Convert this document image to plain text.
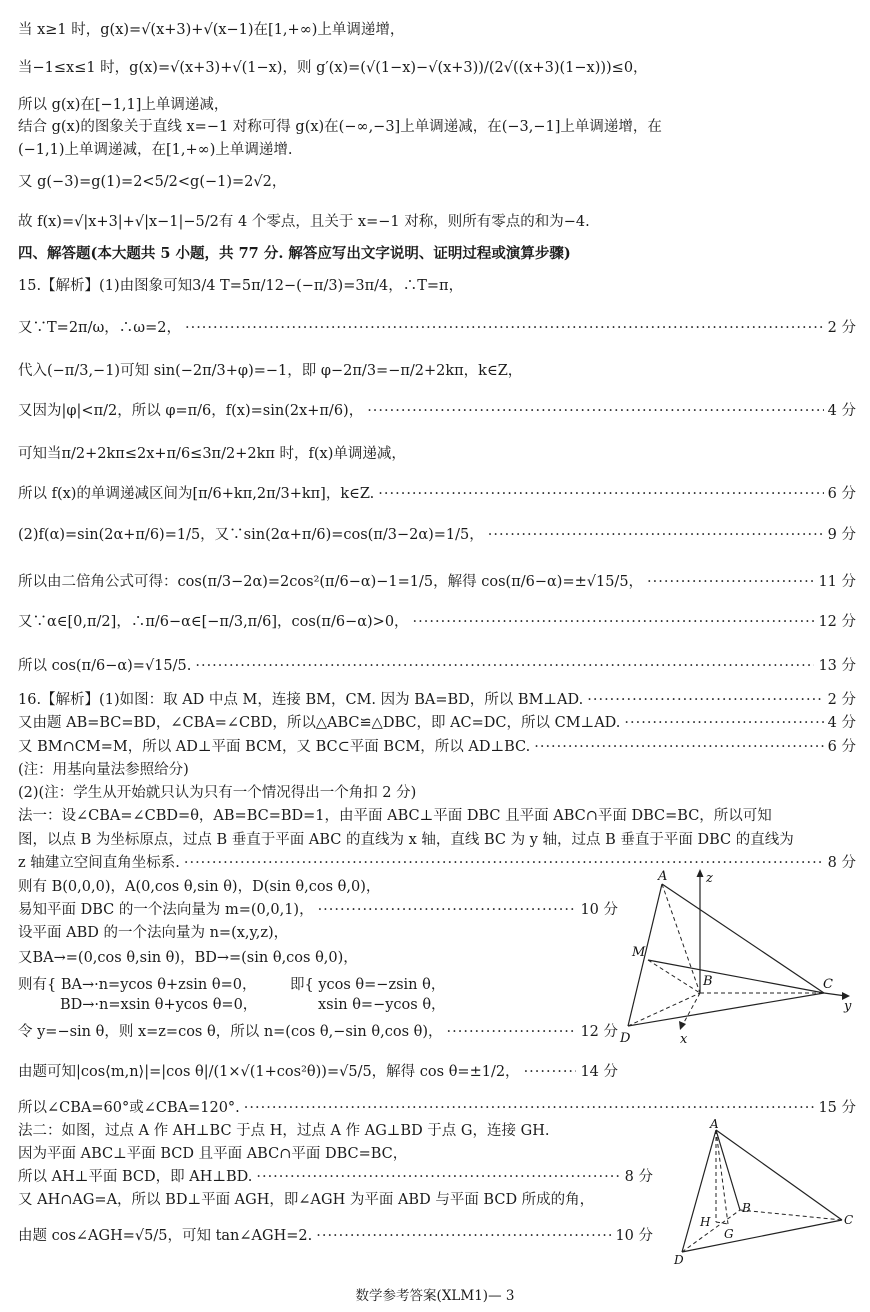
当 x≥1 时，g(x)=√(x+3)+√(x−1)在[1,+∞)上单调递增，
当−1≤x≤1 时，g(x)=√(x+3)+√(1−x)，则 g′(x)=(√(1−x)−√(x+3))/(2√((x+3)(1−x)))≤0，
所以 g(x)在[−1,1]上单调递减，
结合 g(x)的图象关于直线 x=−1 对称可得 g(x)在(−∞,−3]上单调递减，在(−3,−1]上单调递增，在
(−1,1)上单调递减，在[1,+∞)上单调递增.
又 g(−3)=g(1)=2<5/2<g(−1)=2√2，
故 f(x)=√|x+3|+√|x−1|−5/2有 4 个零点，且关于 x=−1 对称，则所有零点的和为−4.
四、解答题(本大题共 5 小题，共 77 分. 解答应写出文字说明、证明过程或演算步骤)
15.【解析】(1)由图象可知3/4 T=5π/12−(−π/3)=3π/4，∴T=π，
又∵T=2π/ω，∴ω=2， ·····	2 分
代入(−π/3,−1)可知 sin(−2π/3+φ)=−1，即 φ−2π/3=−π/2+2kπ，k∈Z，
又因为|φ|<π/2，所以 φ=π/6，f(x)=sin(2x+π/6)， ·····	4 分
可知当π/2+2kπ≤2x+π/6≤3π/2+2kπ 时，f(x)单调递减，
所以 f(x)的单调递减区间为[π/6+kπ,2π/3+kπ]，k∈Z. ·····	6 分
(2)f(α)=sin(2α+π/6)=1/5，又∵sin(2α+π/6)=cos(π/3−2α)=1/5， ·····	9 分
所以由二倍角公式可得：cos(π/3−2α)=2cos²(π/6−α)−1=1/5，解得 cos(π/6−α)=±√15/5， ·····	11 分
又∵α∈[0,π/2]，∴π/6−α∈[−π/3,π/6]，cos(π/6−α)>0， ·····	12 分
所以 cos(π/6−α)=√15/5. ·····	13 分
16.【解析】(1)如图：取 AD 中点 M，连接 BM，CM. 因为 BA=BD，所以 BM⊥AD. ·····	2 分
又由题 AB=BC=BD，∠CBA=∠CBD，所以△ABC≌△DBC，即 AC=DC，所以 CM⊥AD. ·····	4 分
又 BM∩CM=M，所以 AD⊥平面 BCM，又 BC⊂平面 BCM，所以 AD⊥BC. ·····	6 分
(注：用基向量法参照给分)
(2)(注：学生从开始就只认为只有一个情况得出一个角扣 2 分)
法一：设∠CBA=∠CBD=θ，AB=BC=BD=1，由平面 ABC⊥平面 DBC 且平面 ABC∩平面 DBC=BC，所以可知
图，以点 B 为坐标原点，过点 B 垂直于平面 ABC 的直线为 x 轴，直线 BC 为 y 轴，过点 B 垂直于平面 DBC 的直线为
z 轴建立空间直角坐标系. ·····	8 分
则有 B(0,0,0)，A(0,cos θ,sin θ)，D(sin θ,cos θ,0)，
易知平面 DBC 的一个法向量为 m=(0,0,1)， ·····	10 分
设平面 ABD 的一个法向量为 n=(x,y,z)，
又BA→=(0,cos θ,sin θ)，BD→=(sin θ,cos θ,0)，
则有{ BA→·n=ycos θ+zsin θ=0，
BD→·n=xsin θ+ycos θ=0，
即{ ycos θ=−zsin θ，
xsin θ=−ycos θ，
令 y=−sin θ，则 x=z=cos θ，所以 n=(cos θ,−sin θ,cos θ)， ·····	12 分
由题可知|cos⟨m,n⟩|=|cos θ|/(1×√(1+cos²θ))=√5/5，解得 cos θ=±1/2， ·····	14 分
所以∠CBA=60°或∠CBA=120°. ·····	15 分
法二：如图，过点 A 作 AH⊥BC 于点 H，过点 A 作 AG⊥BD 于点 G，连接 GH.
因为平面 ABC⊥平面 BCD 且平面 ABC∩平面 DBC=BC，
所以 AH⊥平面 BCD，即 AH⊥BD. ·····	8 分
又 AH∩AG=A，所以 BD⊥平面 AGH，即∠AGH 为平面 ABD 与平面 BCD 所成的角，
由题 cos∠AGH=√5/5，可知 tan∠AGH=2. ·····	10 分
A
M
B	C
D	x
y
z
A
H
B
G
C
D
数学参考答案(XLM1)— 3
